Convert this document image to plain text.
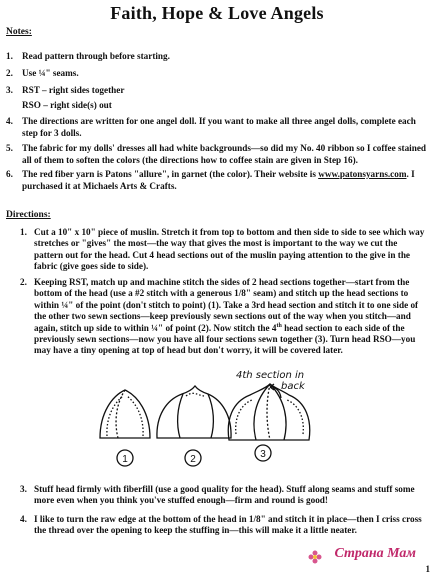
Faith, Hope & Love Angels
Notes:
1. Read pattern through before starting.
2. Use ¼" seams.
3. RST – right sides together
RSO – right side(s) out
4. The directions are written for one angel doll. If you want to make all three angel dolls, complete each step for 3 dolls.
5. The fabric for my dolls' dresses all had white backgrounds—so did my No. 40 ribbon so I coffee stained all of them to soften the colors (the directions how to coffee stain are given in Step 16).
6. The red fiber yarn is Patons "allure", in garnet (the color). Their website is www.patonsyarns.com. I purchased it at Michaels Arts & Crafts.
Directions:
1. Cut a 10" x 10" piece of muslin. Stretch it from top to bottom and then side to side to see which way stretches or "gives" the most—the way that gives the most is important to the way we cut the pattern out for the head. Cut 4 head sections out of the muslin paying attention to the give in the fabric (give goes side to side).
2. Keeping RST, match up and machine stitch the sides of 2 head sections together—start from the bottom of the head (use a #2 stitch with a generous 1/8" seam) and stitch up the head sections to within ¼" of the point (don't stitch to point) (1). Take a 3rd head section and stitch it to one side of the other two sewn sections—keep previously sewn sections out of the way when you stitch—and again, stitch up side to within ¼" of point (2). Now stitch the 4th head section to each side of the previously sewn sections—now you have all four sections sewn together (3). Turn head RSO—you may have a tiny opening at top of head but don't worry, it will be covered later.
1	2	3
4th section in
back
3. Stuff head firmly with fiberfill (use a good quality for the head). Stuff along seams and stuff some more even when you think you've stuffed enough—firm and round is good!
4. I like to turn the raw edge at the bottom of the head in 1/8" and stitch it in place—then I criss cross the thread over the opening to keep the stuffing in—this will make it a little neater.
Страна Мам
1
